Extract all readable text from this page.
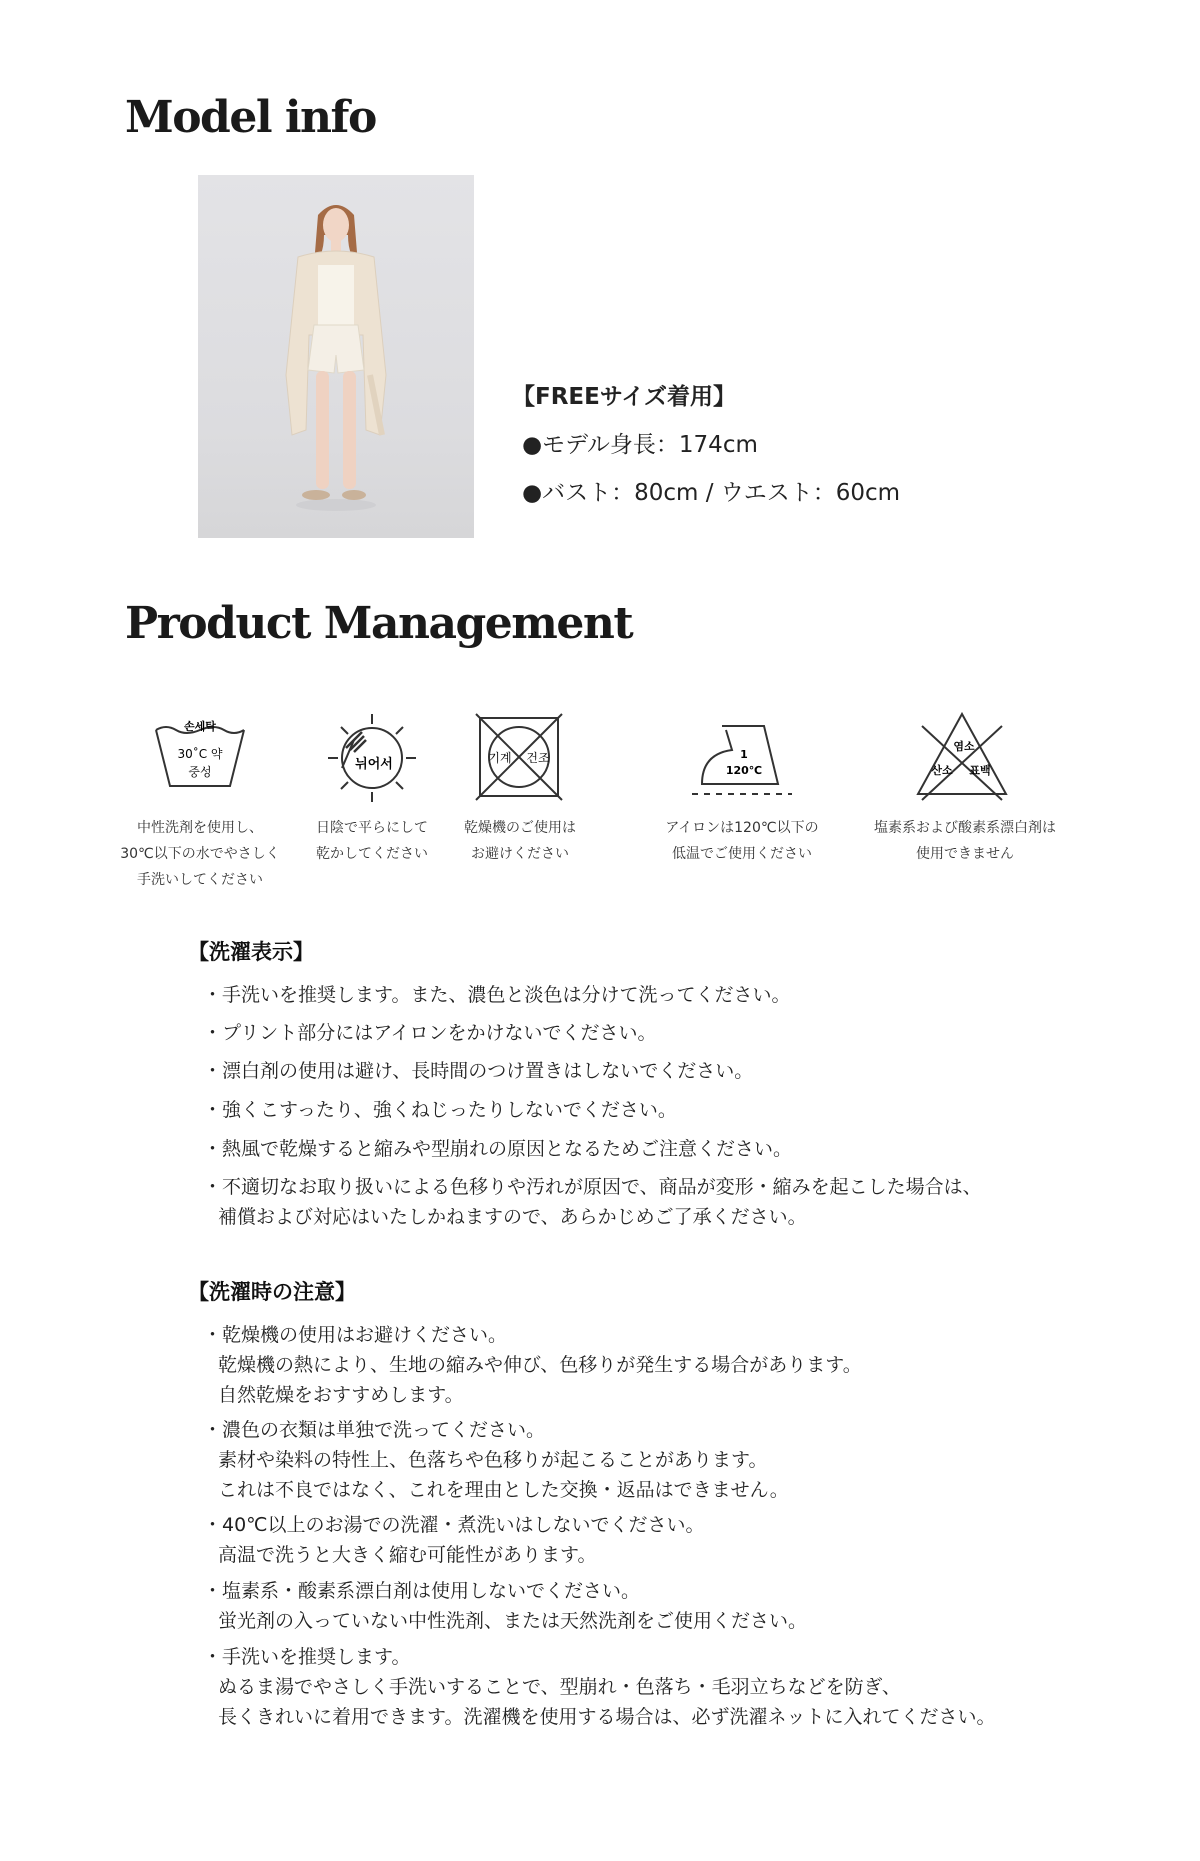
Model info
【FREEサイズ着用】
●モデル身長：174cm
●バスト：80cm / ウエスト：60cm
Product Management
손세탁
30˚C 약
중성	뉘어서	기계 건조	1
120℃
염소
산소 표백
中性洗剤を使用し、
30℃以下の水でやさしく
手洗いしてください
日陰で平らにして
乾かしてください
乾燥機のご使用は
お避けください
アイロンは120℃以下の
低温でご使用ください
塩素系および酸素系漂白剤は
使用できません
【洗濯表示】
・手洗いを推奨します。また、濃色と淡色は分けて洗ってください。
・プリント部分にはアイロンをかけないでください。
・漂白剤の使用は避け、長時間のつけ置きはしないでください。
・強くこすったり、強くねじったりしないでください。
・熱風で乾燥すると縮みや型崩れの原因となるためご注意ください。
・不適切なお取り扱いによる色移りや汚れが原因で、商品が変形・縮みを起こした場合は、
補償および対応はいたしかねますので、あらかじめご了承ください。
【洗濯時の注意】
・乾燥機の使用はお避けください。
乾燥機の熱により、生地の縮みや伸び、色移りが発生する場合があります。
自然乾燥をおすすめします。
・濃色の衣類は単独で洗ってください。
素材や染料の特性上、色落ちや色移りが起こることがあります。
これは不良ではなく、これを理由とした交換・返品はできません。
・40℃以上のお湯での洗濯・煮洗いはしないでください。
高温で洗うと大きく縮む可能性があります。
・塩素系・酸素系漂白剤は使用しないでください。
蛍光剤の入っていない中性洗剤、または天然洗剤をご使用ください。
・手洗いを推奨します。
ぬるま湯でやさしく手洗いすることで、型崩れ・色落ち・毛羽立ちなどを防ぎ、
長くきれいに着用できます。洗濯機を使用する場合は、必ず洗濯ネットに入れてください。
